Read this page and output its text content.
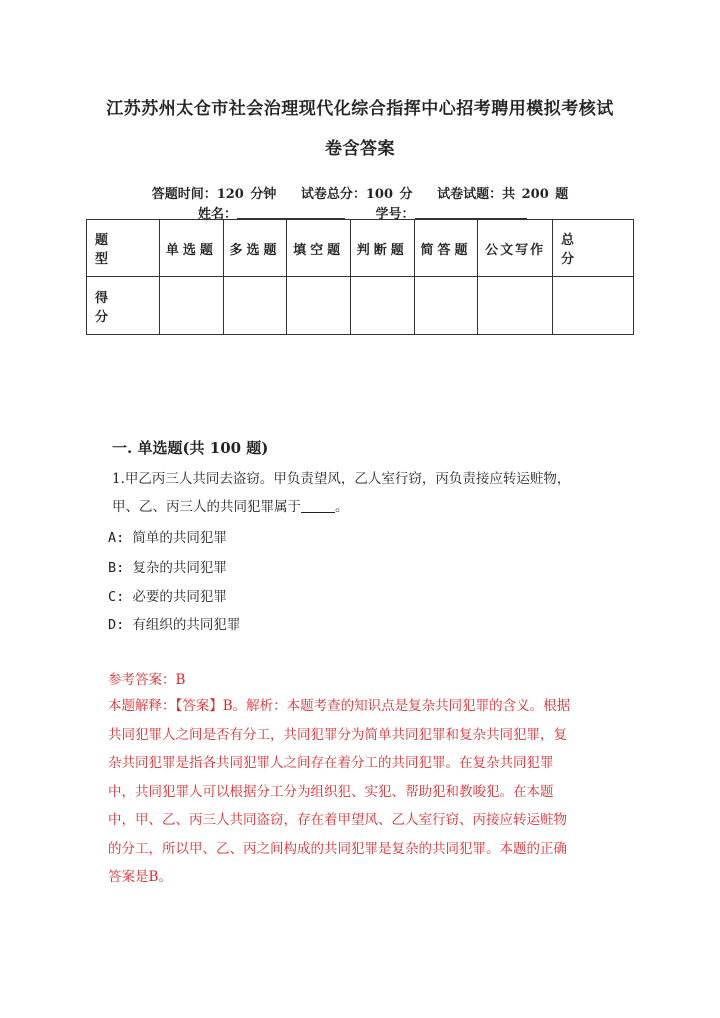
江苏苏州太仓市社会治理现代化综合指挥中心招考聘用模拟考核试
卷含答案
答题时间：120 分钟 试卷总分：100 分 试卷试题：共 200 题
姓名：	学号：
题 型	单选题	多选题	填空题	判断题	简答题	公文写作	总 分
得 分							
一. 单选题(共 100 题)
1.甲乙丙三人共同去盗窃。甲负责望风，乙人室行窃，丙负责接应转运赃物，
甲、乙、丙三人的共同犯罪属于	。
A: 简单的共同犯罪
B: 复杂的共同犯罪
C: 必要的共同犯罪
D: 有组织的共同犯罪
参考答案：B
本题解释：【答案】B。解析：本题考查的知识点是复杂共同犯罪的含义。根据
共同犯罪人之间是否有分工，共同犯罪分为简单共同犯罪和复杂共同犯罪，复
杂共同犯罪是指各共同犯罪人之间存在着分工的共同犯罪。在复杂共同犯罪
中，共同犯罪人可以根据分工分为组织犯、实犯、帮助犯和教唆犯。在本题
中，甲、乙、丙三人共同盗窃，存在着甲望风、乙人室行窃、丙接应转运赃物
的分工，所以甲、乙、丙之间构成的共同犯罪是复杂的共同犯罪。本题的正确
答案是B。
